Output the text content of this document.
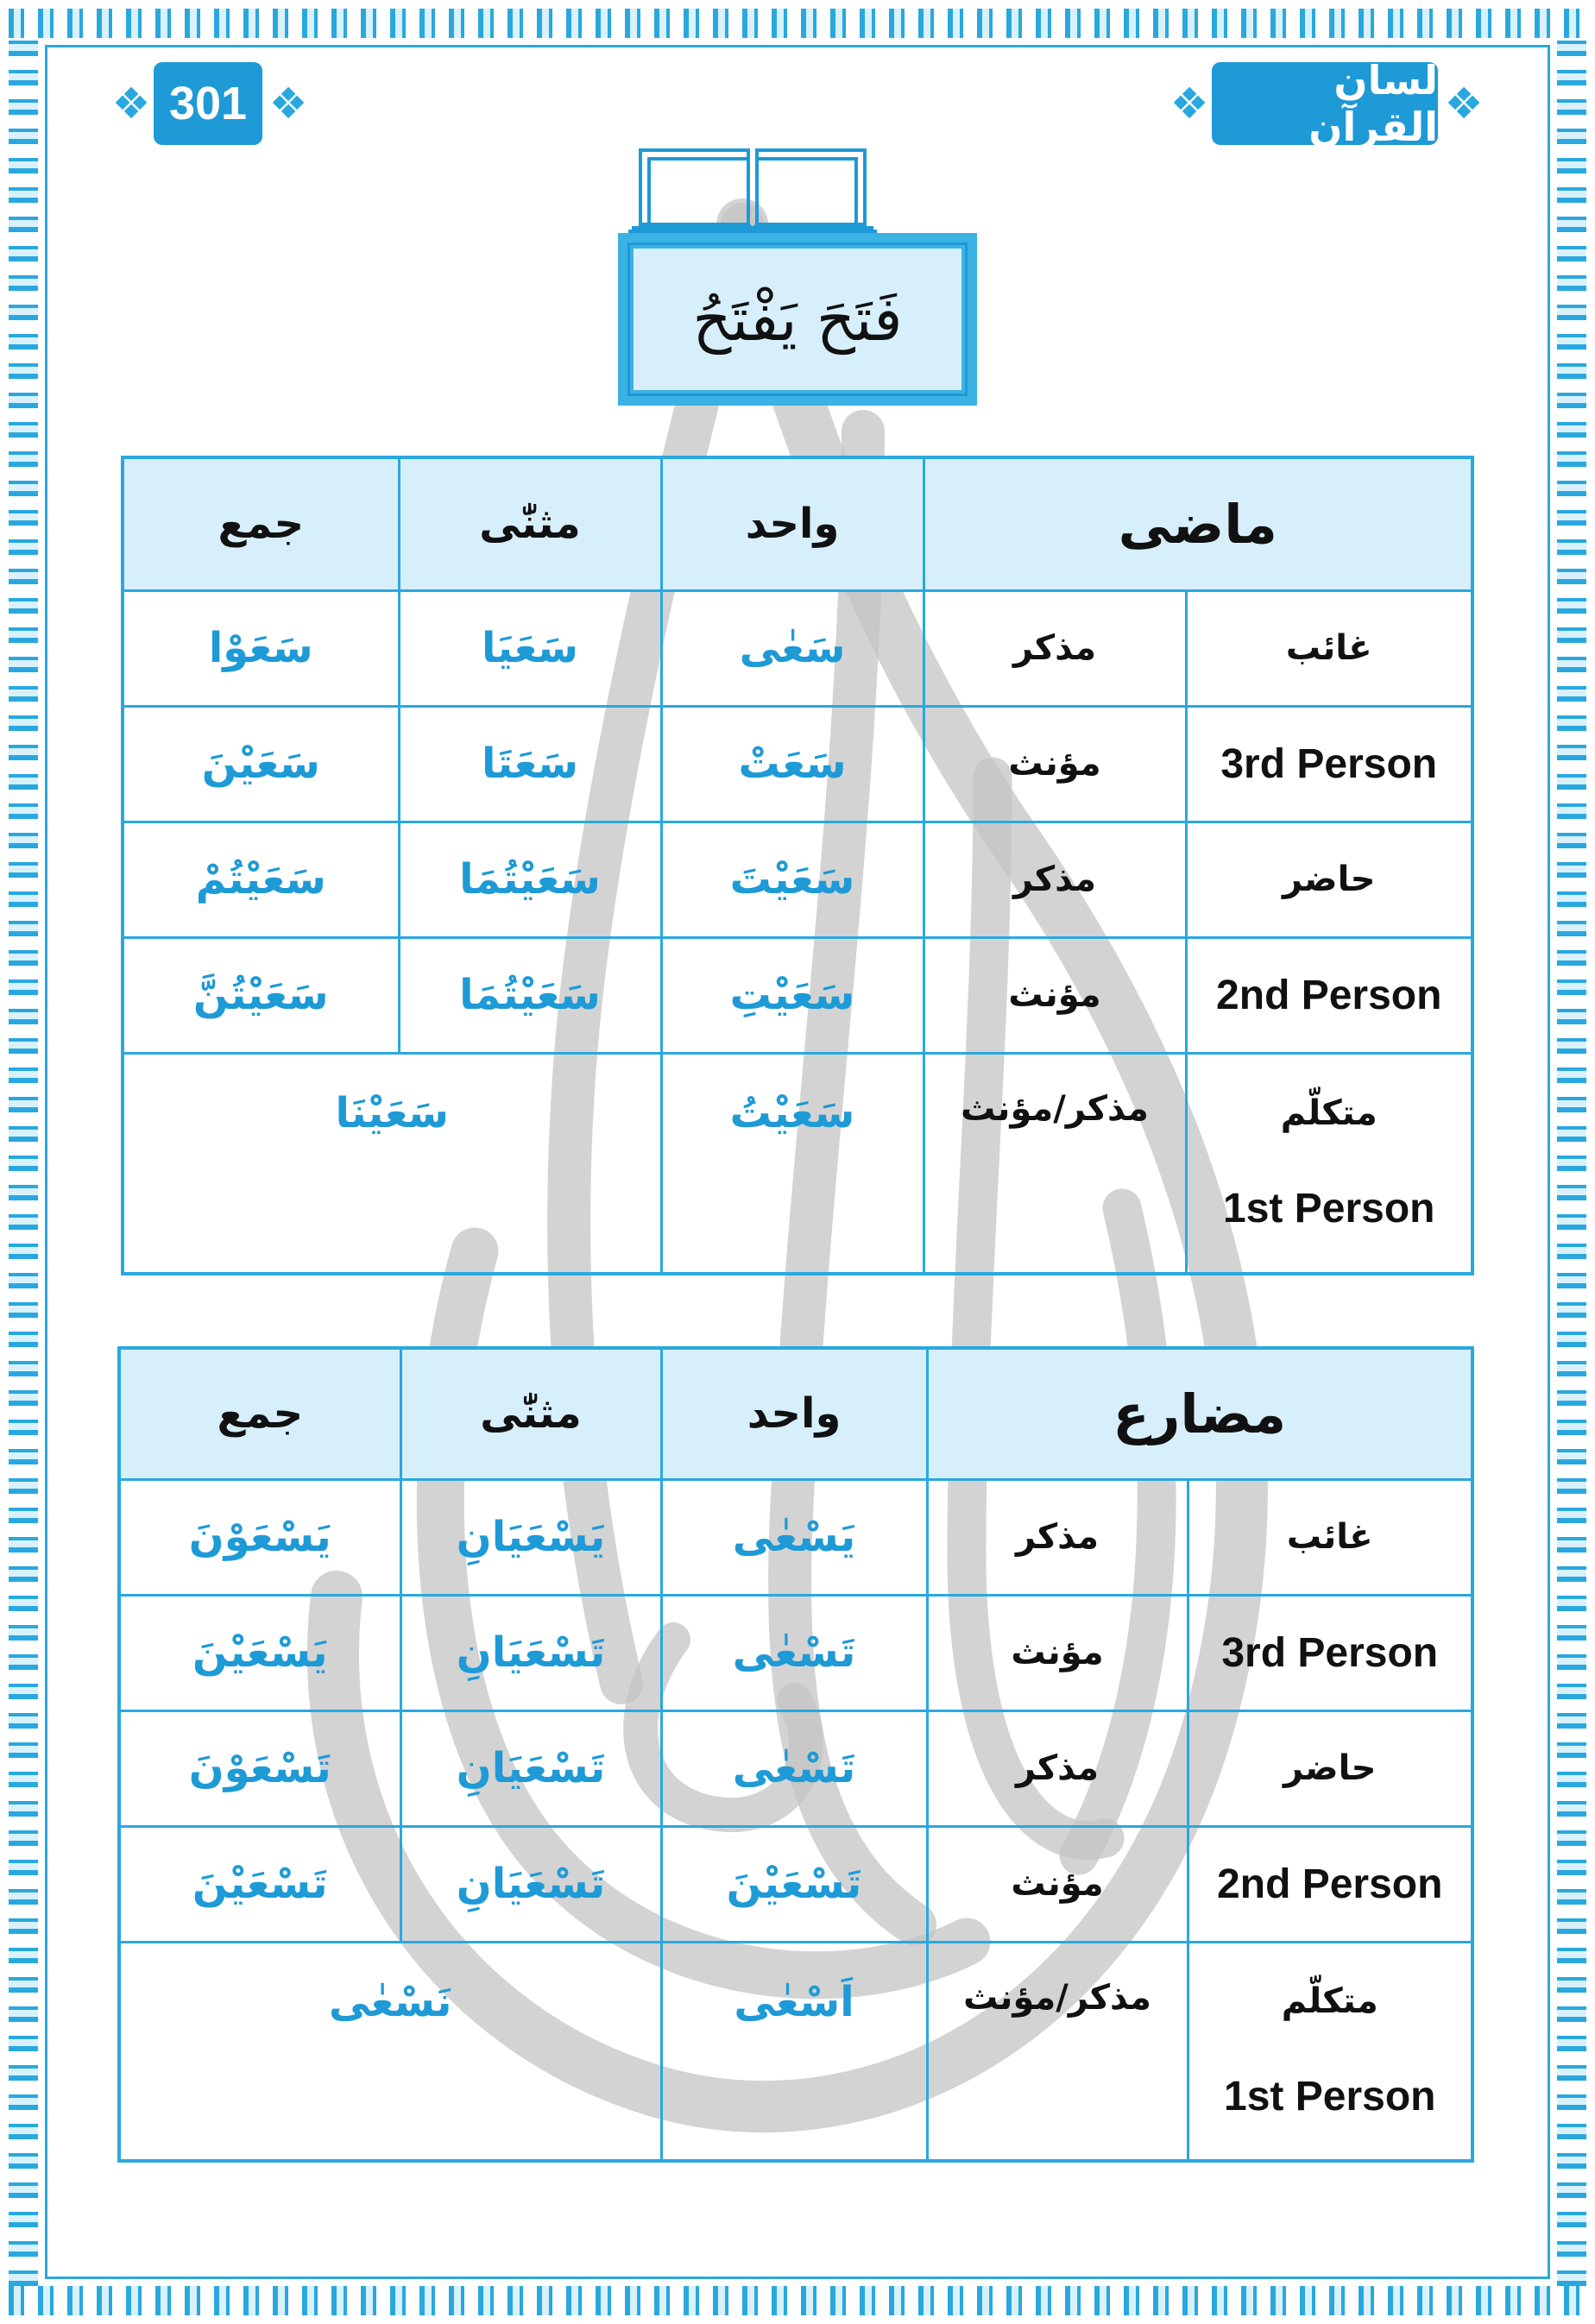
❖	❖
301	❖	❖
لسان القرآن
فَتَحَ يَفْتَحُ
جمع	مثنّٰی	واحد	ماضی	
سَعَوْا	سَعَیَا	سَعٰی	مذکر	غائب
سَعَیْنَ	سَعَتَا	سَعَتْ	مؤنث	3rd Person
سَعَیْتُمْ	سَعَیْتُمَا	سَعَیْتَ	مذکر	حاضر
سَعَیْتُنَّ	سَعَیْتُمَا	سَعَیْتِ	مؤنث	2nd Person
سَعَیْنَا		سَعَیْتُ	مذکر/مؤنث	متکلّم
1st Person
جمع	مثنّٰی	واحد	مضارع	
یَسْعَوْنَ	یَسْعَیَانِ	یَسْعٰی	مذکر	غائب
یَسْعَیْنَ	تَسْعَیَانِ	تَسْعٰی	مؤنث	3rd Person
تَسْعَوْنَ	تَسْعَیَانِ	تَسْعٰی	مذکر	حاضر
تَسْعَیْنَ	تَسْعَیَانِ	تَسْعَیْنَ	مؤنث	2nd Person
نَسْعٰی		اَسْعٰی	مذکر/مؤنث	متکلّم
1st Person
